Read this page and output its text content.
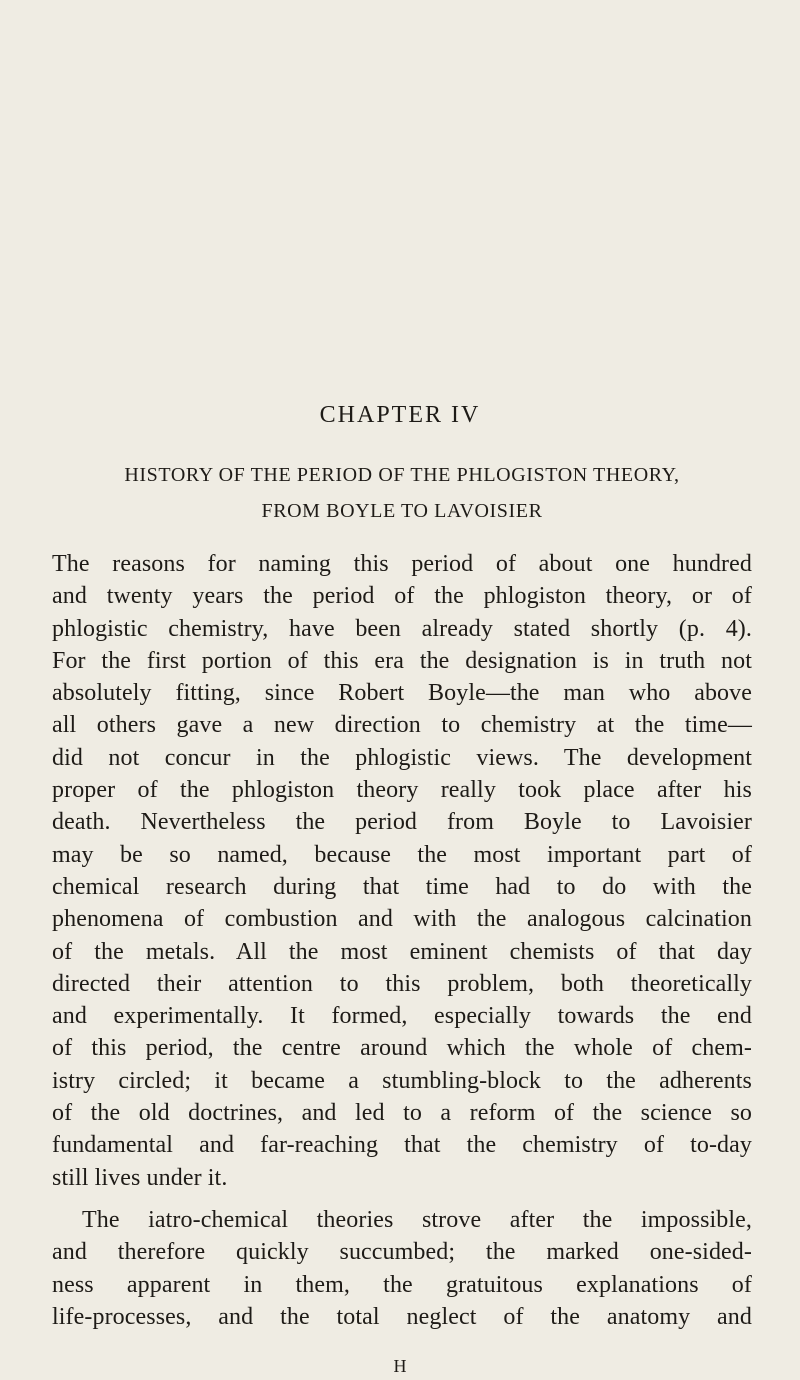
CHAPTER IV
HISTORY OF THE PERIOD OF THE PHLOGISTON THEORY,
FROM BOYLE TO LAVOISIER
The reasons for naming this period of about one hundred
and twenty years the period of the phlogiston theory, or of
phlogistic chemistry, have been already stated shortly (p. 4).
For the first portion of this era the designation is in truth not
absolutely fitting, since Robert Boyle—the man who above
all others gave a new direction to chemistry at the time—
did not concur in the phlogistic views. The development
proper of the phlogiston theory really took place after his
death. Nevertheless the period from Boyle to Lavoisier
may be so named, because the most important part of
chemical research during that time had to do with the
phenomena of combustion and with the analogous calcination
of the metals. All the most eminent chemists of that day
directed their attention to this problem, both theoretically
and experimentally. It formed, especially towards the end
of this period, the centre around which the whole of chem-
istry circled; it became a stumbling-block to the adherents
of the old doctrines, and led to a reform of the science so
fundamental and far-reaching that the chemistry of to-day
still lives under it.
The iatro-chemical theories strove after the impossible,
and therefore quickly succumbed; the marked one-sided-
ness apparent in them, the gratuitous explanations of
life-processes, and the total neglect of the anatomy and
H
